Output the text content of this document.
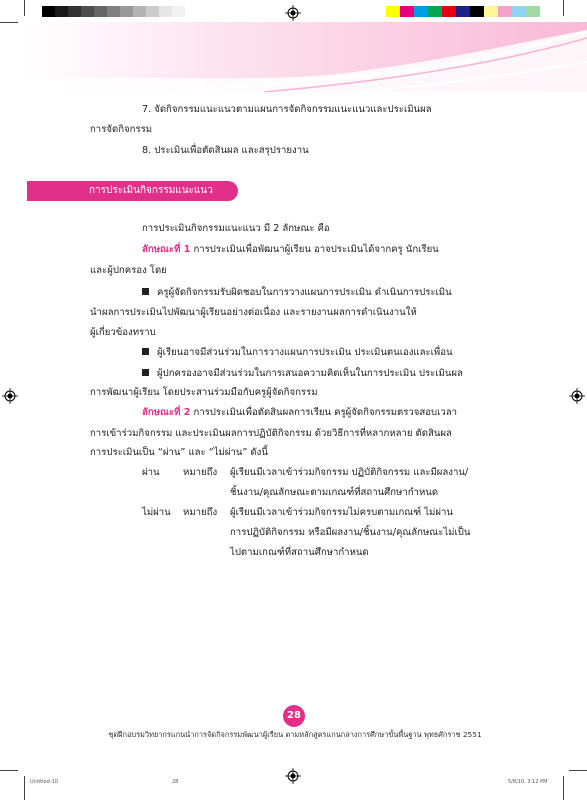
7. จัดกิจกรรมแนะแนวตามแผนการจัดกิจกรรมแนะแนวและประเมินผล
การจัดกิจกรรม
8. ประเมินเพื่อตัดสินผล และสรุปรายงาน
การประเมินกิจกรรมแนะแนว
การประเมินกิจกรรมแนะแนว มี 2 ลักษณะ คือ
ลักษณะที่ 1 การประเมินเพื่อพัฒนาผู้เรียน อาจประเมินได้จากครู นักเรียน
และผู้ปกครอง โดย
ครูผู้จัดกิจกรรมรับผิดชอบในการวางแผนการประเมิน ดำเนินการประเมิน
นำผลการประเมินไปพัฒนาผู้เรียนอย่างต่อเนื่อง และรายงานผลการดำเนินงานให้
ผู้เกี่ยวข้องทราบ
ผู้เรียนอาจมีส่วนร่วมในการวางแผนการประเมิน ประเมินตนเองและเพื่อน
ผู้ปกครองอาจมีส่วนร่วมในการเสนอความคิดเห็นในการประเมิน ประเมินผล
การพัฒนาผู้เรียน โดยประสานร่วมมือกับครูผู้จัดกิจกรรม
ลักษณะที่ 2 การประเมินเพื่อตัดสินผลการเรียน ครูผู้จัดกิจกรรมตรวจสอบเวลา
การเข้าร่วมกิจกรรม และประเมินผลการปฏิบัติกิจกรรม ด้วยวิธีการที่หลากหลาย ตัดสินผล
การประเมินเป็น “ผ่าน” และ “ไม่ผ่าน” ดังนี้
ผ่าน หมายถึง ผู้เรียนมีเวลาเข้าร่วมกิจกรรม ปฏิบัติกิจกรรม และมีผลงาน/
ชิ้นงาน/คุณลักษณะตามเกณฑ์ที่สถานศึกษากำหนด
ไม่ผ่าน หมายถึง ผู้เรียนมีเวลาเข้าร่วมกิจกรรมไม่ครบตามเกณฑ์ ไม่ผ่าน
การปฏิบัติกิจกรรม หรือมีผลงาน/ชิ้นงาน/คุณลักษณะไม่เป็น
ไปตามเกณฑ์ที่สถานศึกษากำหนด
28
ชุดฝึกอบรมวิทยากรแกนนำการจัดกิจกรรมพัฒนาผู้เรียน ตามหลักสูตรแกนกลางการศึกษาขั้นพื้นฐาน พุทธศักราช 2551
Untitled-10	28	5/8/10, 3:12 PM
